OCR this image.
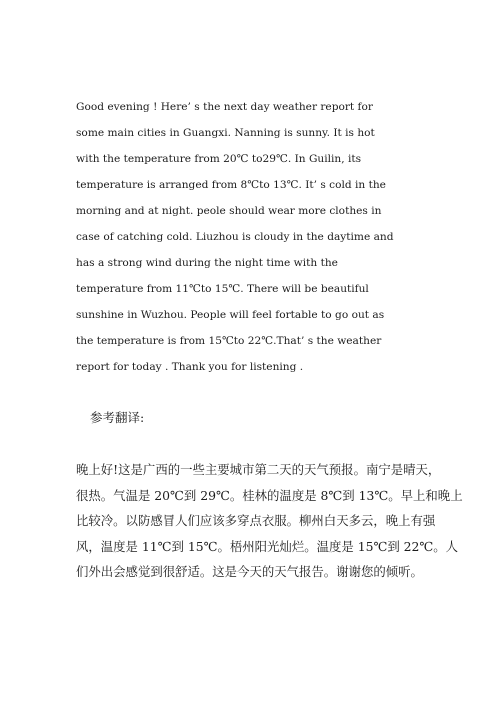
Good evening ! Here’ s the next day weather report for
some main cities in Guangxi. Nanning is sunny. It is hot
with the temperature from 20℃ to29℃. In Guilin, its
temperature is arranged from 8℃to 13℃. It’ s cold in the
morning and at night. peole should wear more clothes in
case of catching cold. Liuzhou is cloudy in the daytime and
has a strong wind during the night time with the
temperature from 11℃to 15℃. There will be beautiful
sunshine in Wuzhou. People will feel fortable to go out as
the temperature is from 15℃to 22℃.That’ s the weather
report for today . Thank you for listening .
参考翻译:
晚上好!这是广西的一些主要城市第二天的天气预报。南宁是晴天，
很热。气温是 20℃到 29℃。桂林的温度是 8℃到 13℃。早上和晚上
比较冷。以防感冒人们应该多穿点衣服。柳州白天多云，晚上有强
风，温度是 11℃到 15℃。梧州阳光灿烂。温度是 15℃到 22℃。人
们外出会感觉到很舒适。这是今天的天气报告。谢谢您的倾听。
